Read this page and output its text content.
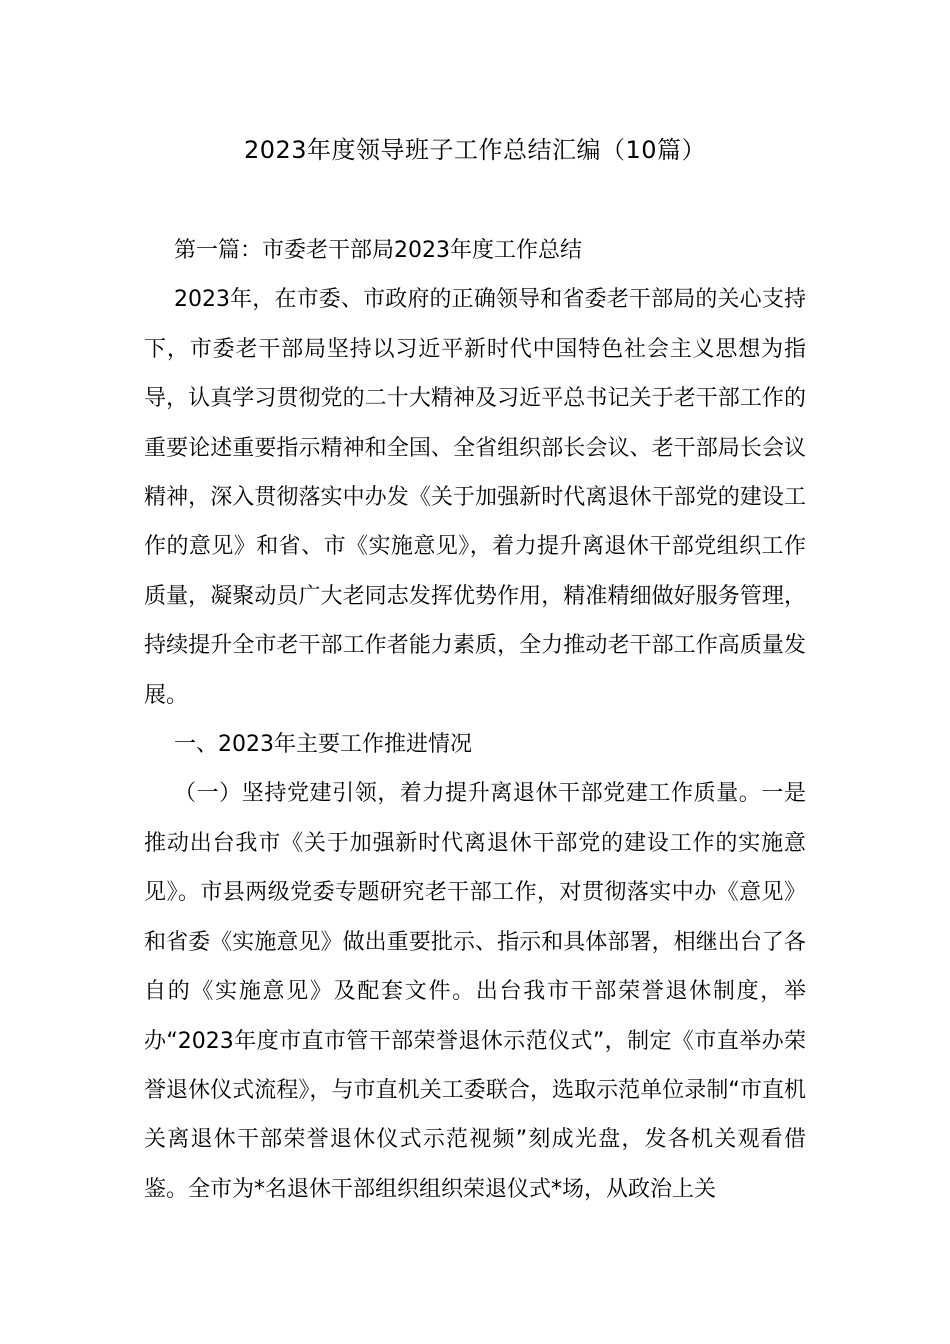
2023年度领导班子工作总结汇编（10篇）

第一篇：市委老干部局2023年度工作总结

2023年，在市委、市政府的正确领导和省委老干部局的关心支持下，市委老干部局坚持以习近平新时代中国特色社会主义思想为指导，认真学习贯彻党的二十大精神及习近平总书记关于老干部工作的重要论述重要指示精神和全国、全省组织部长会议、老干部局长会议精神，深入贯彻落实中办发《关于加强新时代离退休干部党的建设工作的意见》和省、市《实施意见》，着力提升离退休干部党组织工作质量，凝聚动员广大老同志发挥优势作用，精准精细做好服务管理，持续提升全市老干部工作者能力素质，全力推动老干部工作高质量发展。

一、2023年主要工作推进情况

（一）坚持党建引领，着力提升离退休干部党建工作质量。一是推动出台我市《关于加强新时代离退休干部党的建设工作的实施意见》。市县两级党委专题研究老干部工作，对贯彻落实中办《意见》和省委《实施意见》做出重要批示、指示和具体部署，相继出台了各自的《实施意见》及配套文件。出台我市干部荣誉退休制度，举办“2023年度市直市管干部荣誉退休示范仪式”，制定《市直举办荣誉退休仪式流程》，与市直机关工委联合，选取示范单位录制“市直机关离退休干部荣誉退休仪式示范视频”刻成光盘，发各机关观看借鉴。全市为*名退休干部组织组织荣退仪式*场，从政治上关
